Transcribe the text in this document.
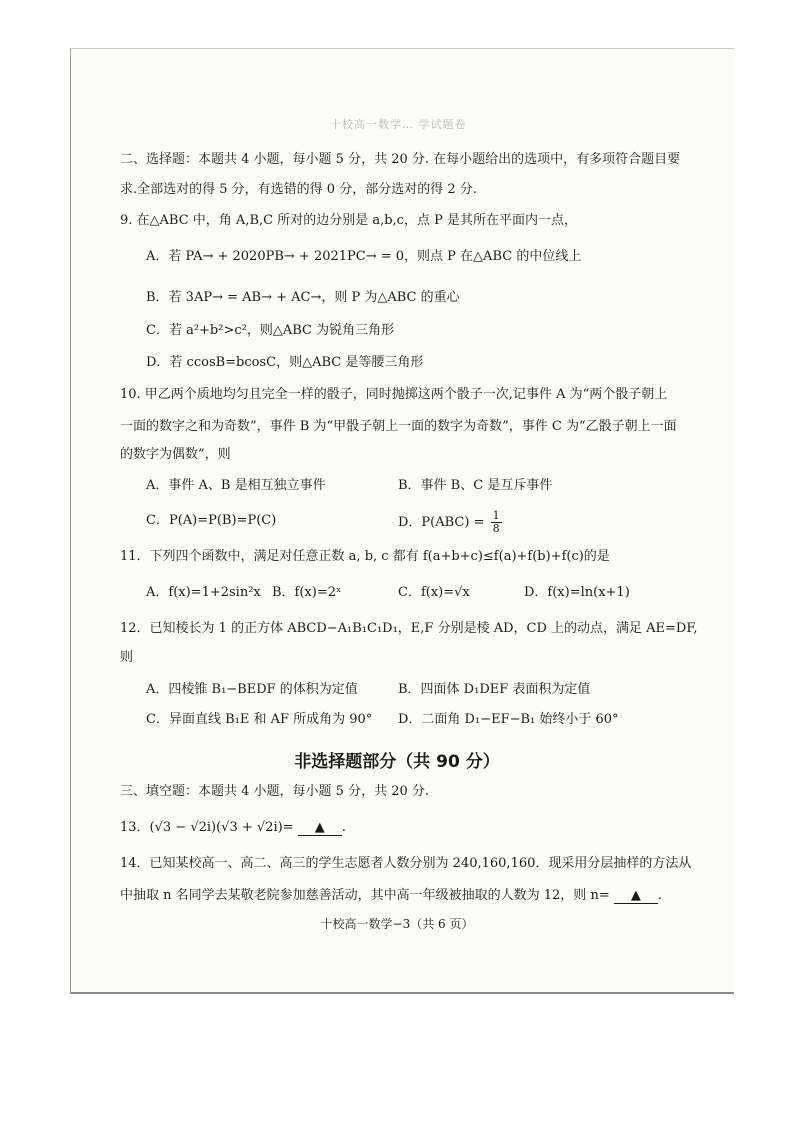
十校高一数学… 学试题卷
二、选择题：本题共 4 小题，每小题 5 分，共 20 分. 在每小题给出的选项中，有多项符合题目要
求.全部选对的得 5 分，有选错的得 0 分，部分选对的得 2 分.
9. 在△ABC 中，角 A,B,C 所对的边分别是 a,b,c，点 P 是其所在平面内一点，
A．若 PA→ + 2020PB→ + 2021PC→ = 0，则点 P 在△ABC 的中位线上
B．若 3AP→ = AB→ + AC→，则 P 为△ABC 的重心
C．若 a²+b²>c²，则△ABC 为锐角三角形
D．若 ccosB=bcosC，则△ABC 是等腰三角形
10. 甲乙两个质地均匀且完全一样的骰子，同时抛掷这两个骰子一次,记事件 A 为“两个骰子朝上
一面的数字之和为奇数”，事件 B 为“甲骰子朝上一面的数字为奇数”，事件 C 为“乙骰子朝上一面
的数字为偶数”，则
A．事件 A、B 是相互独立事件	B．事件 B、C 是互斥事件
C．P(A)=P(B)=P(C)	D．$P(ABC) = \frac{1}{8}$
11．下列四个函数中，满足对任意正数 a, b, c 都有 f(a+b+c)≤f(a)+f(b)+f(c)的是
A．f(x)=1+2sin²x B．f(x)=2ˣ	C．f(x)=√x	D．f(x)=ln(x+1)
12．已知棱长为 1 的正方体 ABCD−A₁B₁C₁D₁，E,F 分别是棱 AD，CD 上的动点，满足 AE=DF,
则
A．四棱锥 B₁−BEDF 的体积为定值	B．四面体 D₁DEF 表面积为定值
C．异面直线 B₁E 和 AF 所成角为 90° D．二面角 D₁−EF−B₁ 始终小于 60°
非选择题部分（共 90 分）
三、填空题：本题共 4 小题，每小题 5 分，共 20 分.
13．(√3 − √2i)(√3 + √2i)= ▲ .
14．已知某校高一、高二、高三的学生志愿者人数分别为 240,160,160．现采用分层抽样的方法从
中抽取 n 名同学去某敬老院参加慈善活动，其中高一年级被抽取的人数为 12，则 n= ▲ .
十校高一数学−3（共 6 页）
